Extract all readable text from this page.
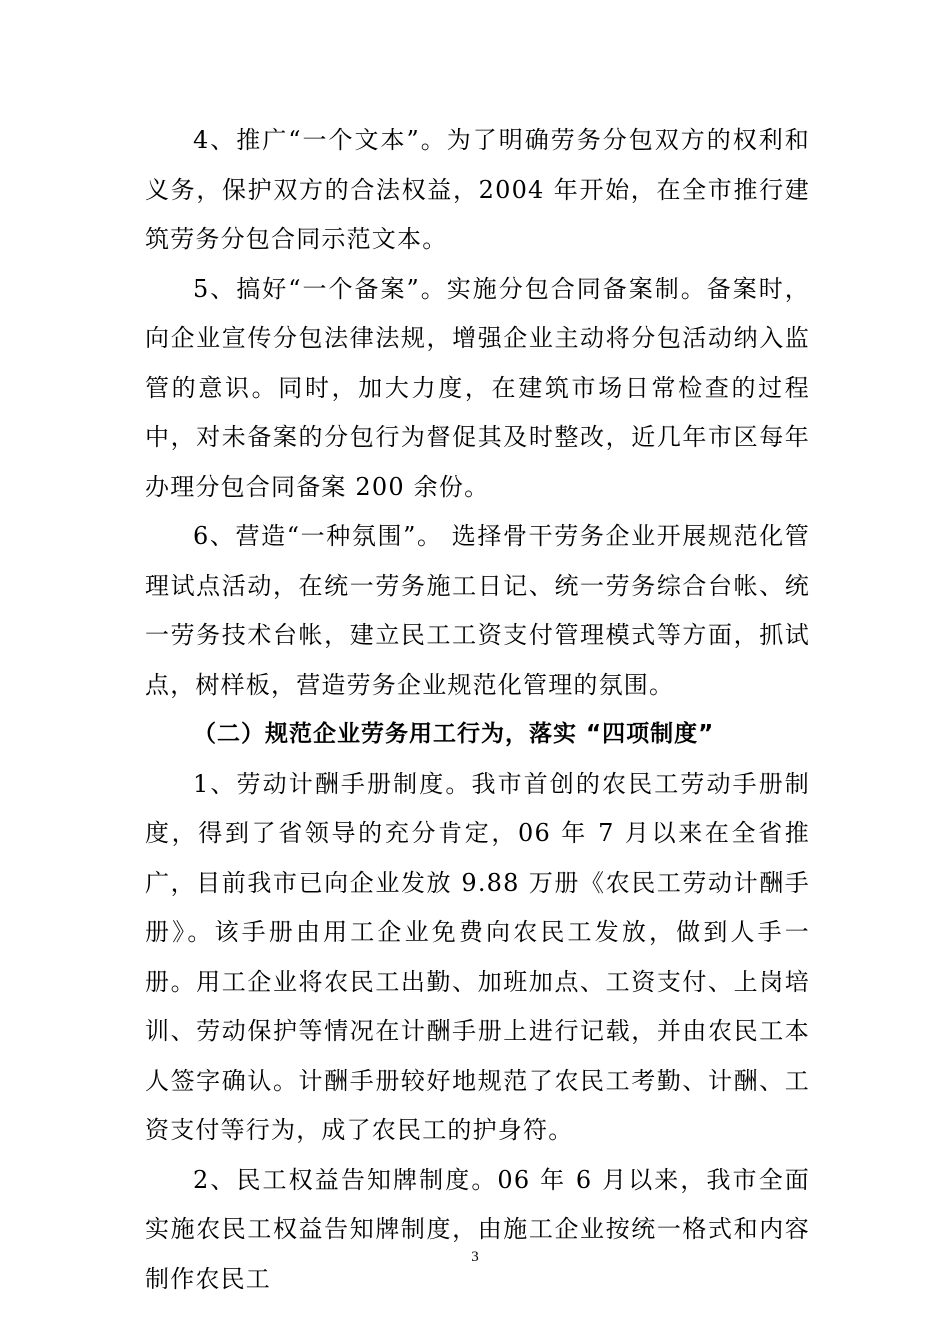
4、推广“一个文本”。为了明确劳务分包双方的权利和义务，保护双方的合法权益，2004 年开始，在全市推行建筑劳务分包合同示范文本。

5、搞好“一个备案”。实施分包合同备案制。备案时，向企业宣传分包法律法规，增强企业主动将分包活动纳入监管的意识。同时，加大力度，在建筑市场日常检查的过程中，对未备案的分包行为督促其及时整改，近几年市区每年办理分包合同备案 200 余份。

6、营造“一种氛围”。 选择骨干劳务企业开展规范化管理试点活动，在统一劳务施工日记、统一劳务综合台帐、统一劳务技术台帐，建立民工工资支付管理模式等方面，抓试点，树样板，营造劳务企业规范化管理的氛围。

（二）规范企业劳务用工行为，落实 “四项制度”

1、劳动计酬手册制度。我市首创的农民工劳动手册制度，得到了省领导的充分肯定，06 年 7 月以来在全省推广，目前我市已向企业发放 9.88 万册《农民工劳动计酬手册》。该手册由用工企业免费向农民工发放，做到人手一册。用工企业将农民工出勤、加班加点、工资支付、上岗培训、劳动保护等情况在计酬手册上进行记载，并由农民工本人签字确认。计酬手册较好地规范了农民工考勤、计酬、工资支付等行为，成了农民工的护身符。

2、民工权益告知牌制度。06 年 6 月以来，我市全面实施农民工权益告知牌制度，由施工企业按统一格式和内容制作农民工

3
